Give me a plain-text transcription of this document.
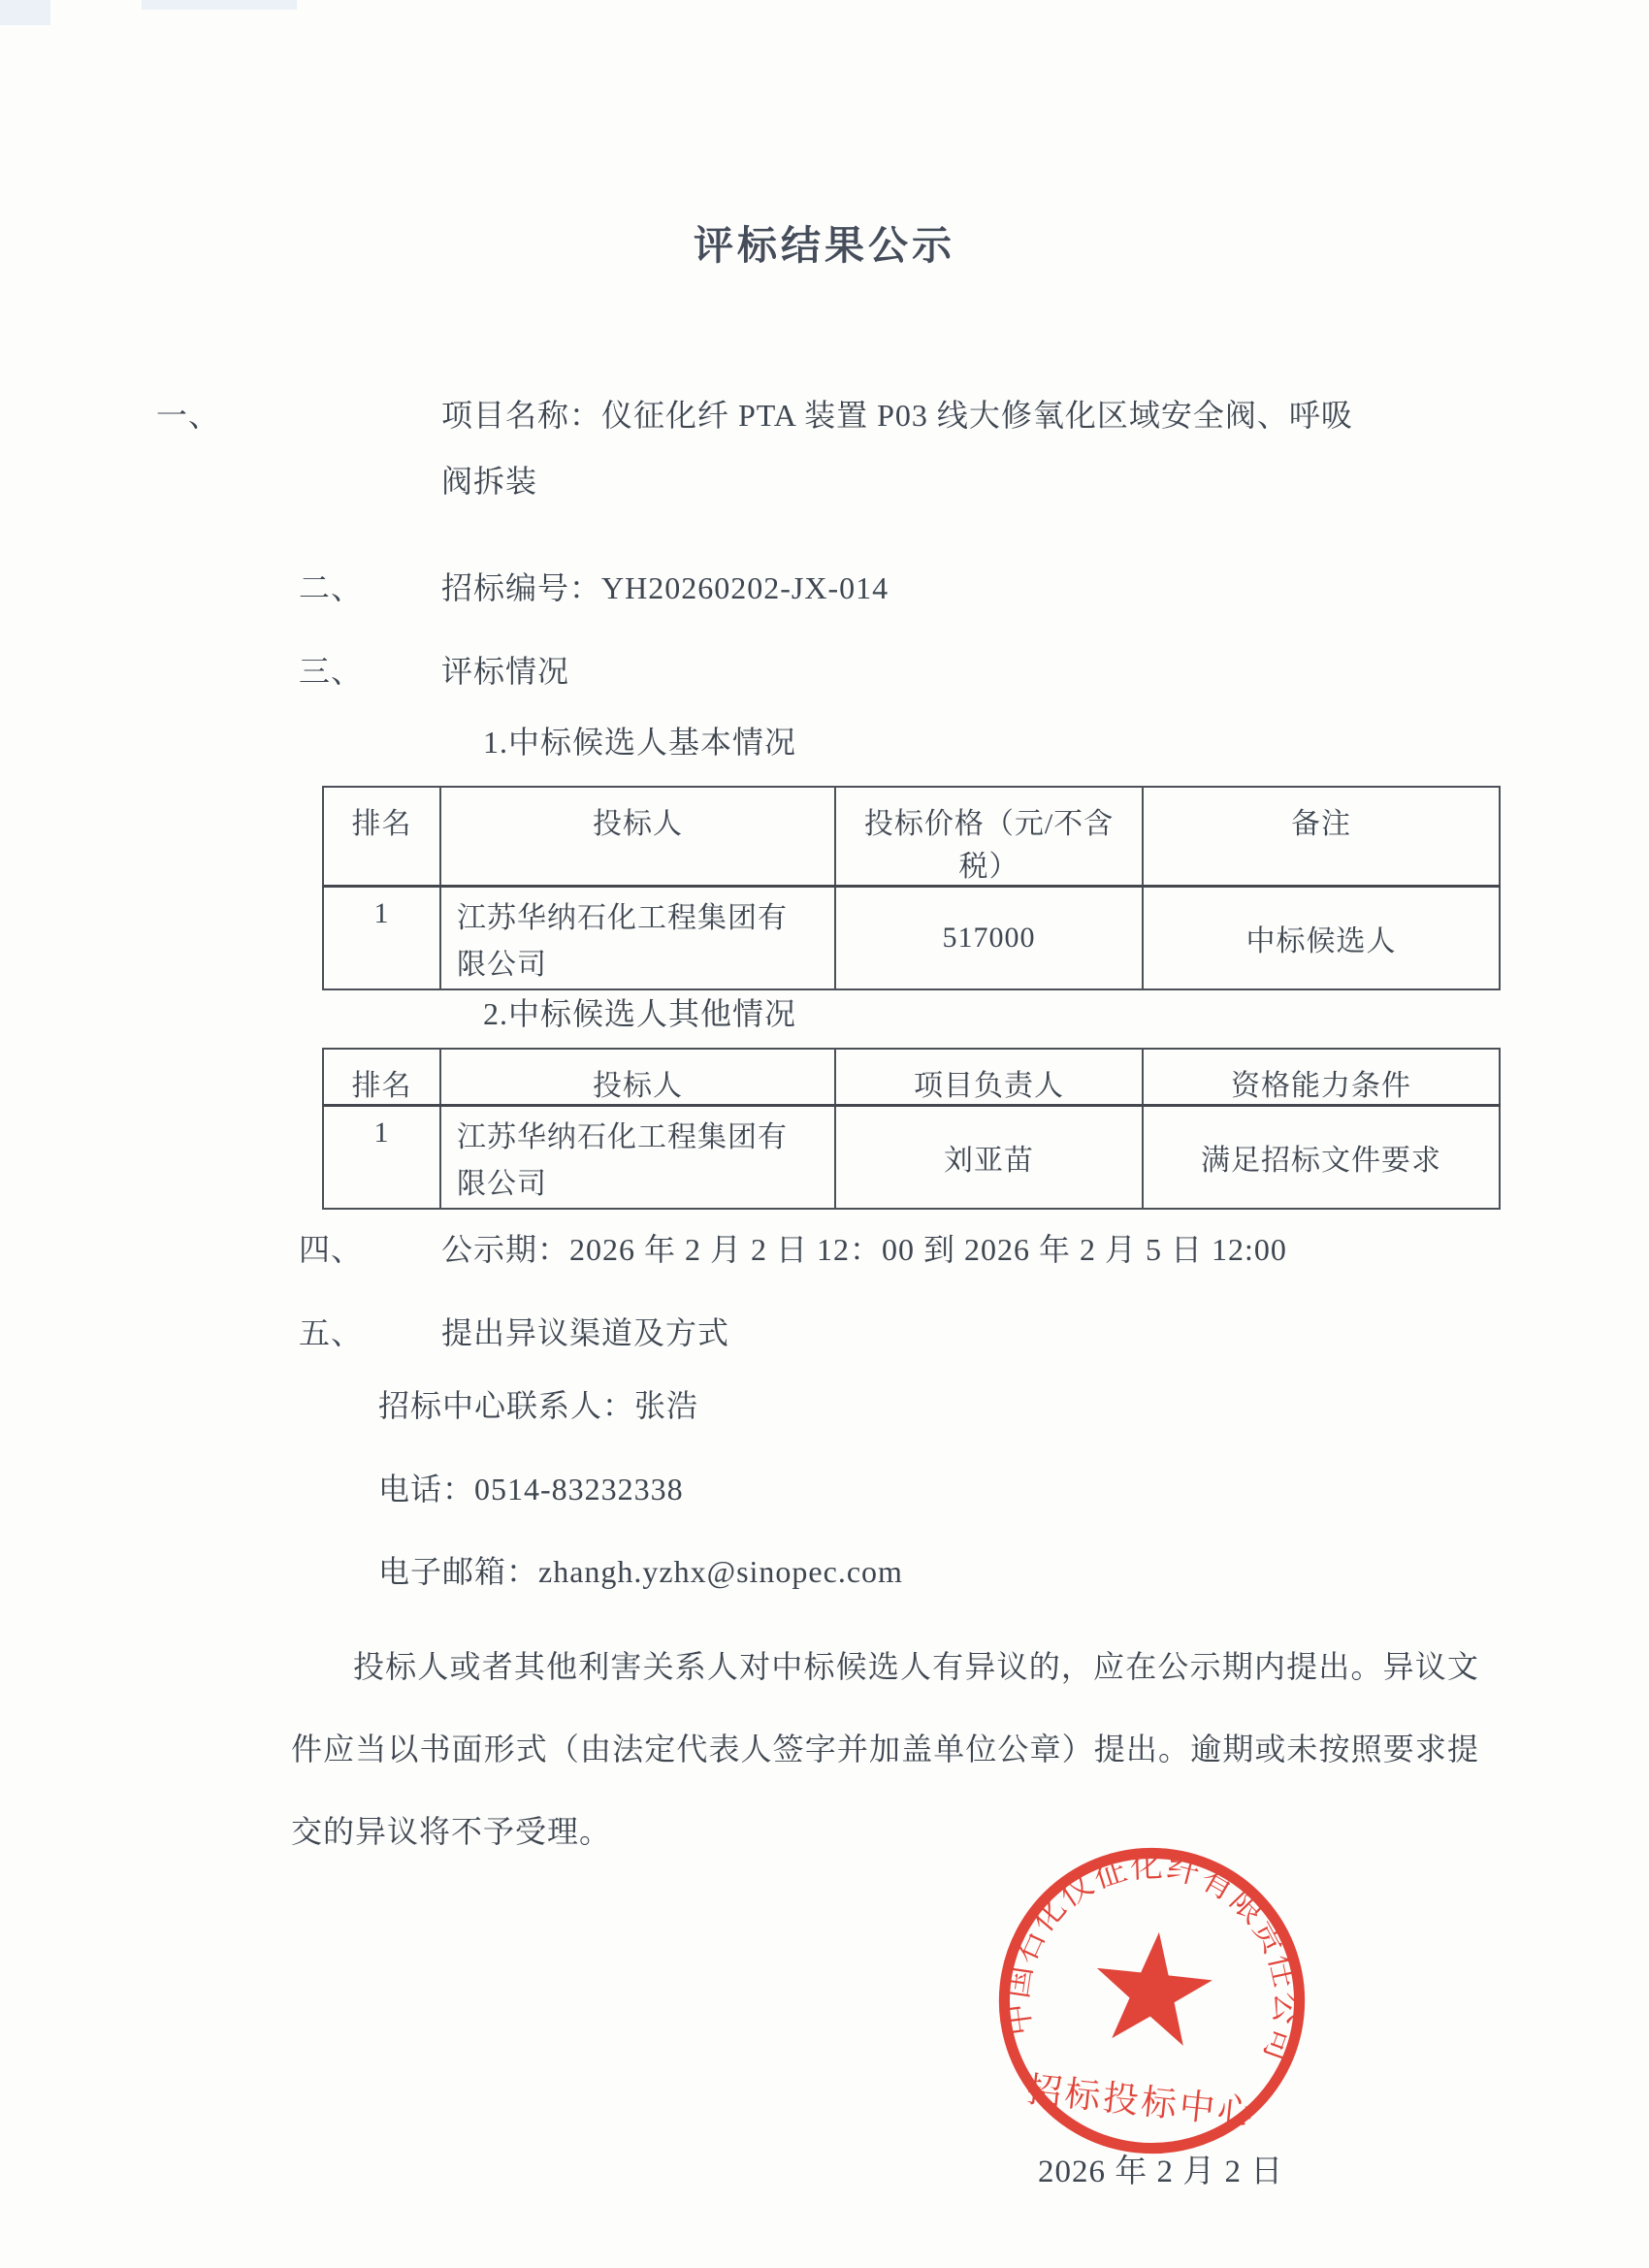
评标结果公示
一、	项目名称：仪征化纤 PTA 装置 P03 线大修氧化区域安全阀、呼吸阀拆装
二、	招标编号：YH20260202-JX-014
三、	评标情况
1.中标候选人基本情况
排名	投标人	投标价格（元/不含税）	备注
1	江苏华纳石化工程集团有限公司	517000	中标候选人
2.中标候选人其他情况
排名	投标人	项目负责人	资格能力条件
1	江苏华纳石化工程集团有限公司	刘亚苗	满足招标文件要求
四、	公示期：2026 年 2 月 2 日 12：00 到 2026 年 2 月 5 日 12:00
五、	提出异议渠道及方式
招标中心联系人：张浩
电话：0514-83232338
电子邮箱：zhangh.yzhx@sinopec.com
投标人或者其他利害关系人对中标候选人有异议的，应在公示期内提出。异议文件应当以书面形式（由法定代表人签字并加盖单位公章）提出。逾期或未按照要求提交的异议将不予受理。
中国石化仪征化纤有限责任公司
招标投标中心
2026 年 2 月 2 日
